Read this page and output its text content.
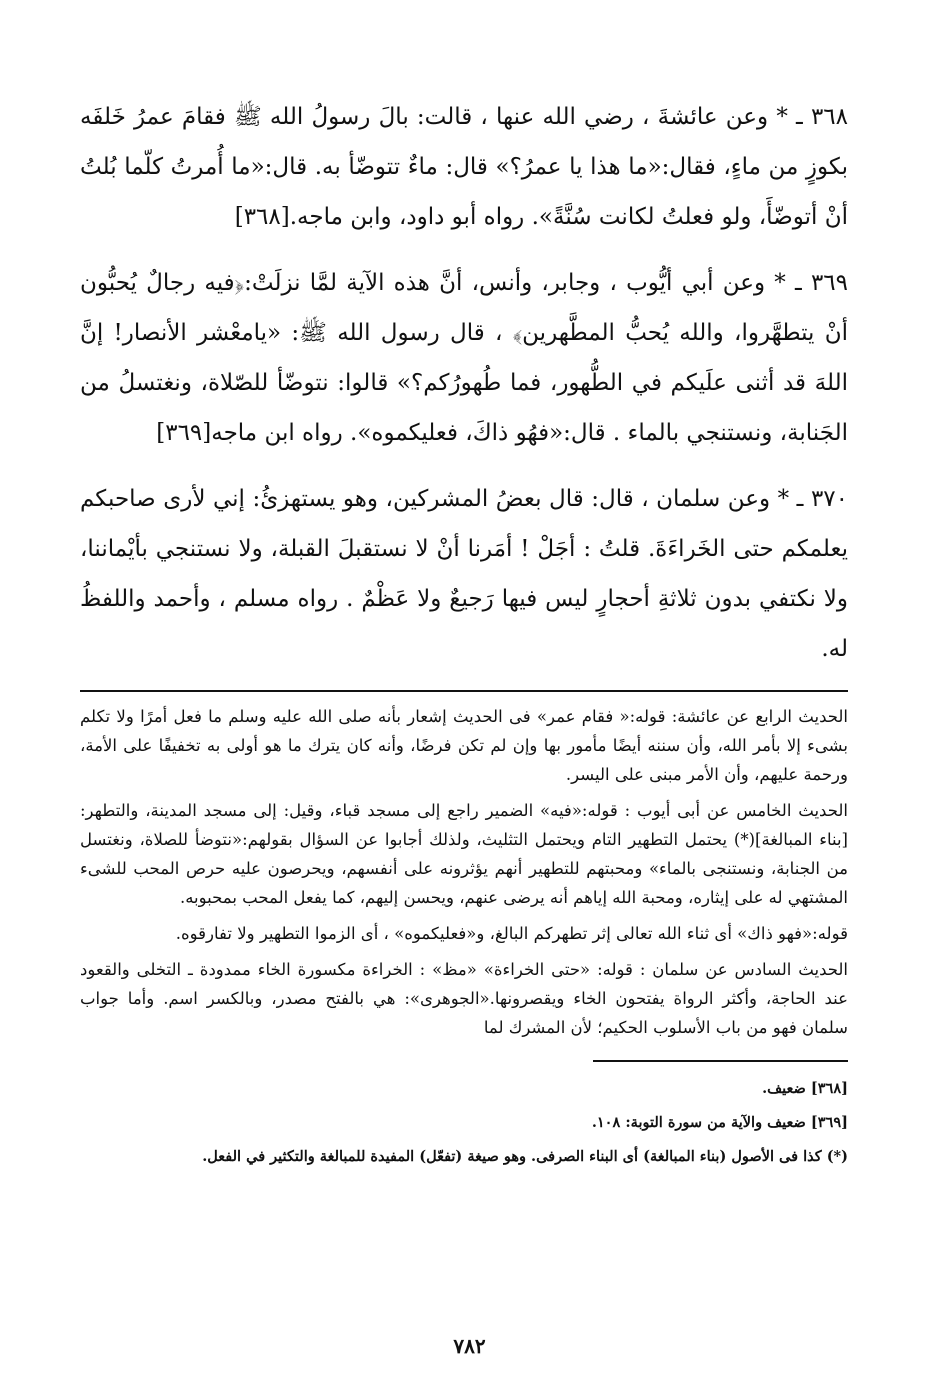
٣٦٨ ـ * وعن عائشةَ ، رضي الله عنها ، قالت: بالَ رسولُ الله ﷺ فقامَ عمرُ خَلفَه بكوزٍ من ماءٍ، فقال:«ما هذا يا عمرُ؟» قال: ماءٌ تتوضّأ به. قال:«ما أُمرتُ كلّما بُلتُ أنْ أتوضّأَ، ولو فعلتُ لكانت سُنَّةً». رواه أبو داود، وابن ماجه.[٣٦٨]

٣٦٩ ـ * وعن أبي أيُّوب ، وجابر، وأنس، أنَّ هذه الآية لمَّا نزلَتْ:﴿فيه رجالٌ يُحبُّون أنْ يتطهَّروا، والله يُحبُّ المطَّهرين﴾ ، قال رسول الله ﷺ: «يامعْشر الأنصار! إنَّ اللهَ قد أثنى علَيكم في الطُّهور، فما طُهورُكم؟» قالوا: نتوضّأ للصّلاة، ونغتسلُ من الجَنابة، ونستنجي بالماء . قال:«فهُو ذاكَ، فعليكموه». رواه ابن ماجه[٣٦٩]

٣٧٠ ـ * وعن سلمان ، قال: قال بعضُ المشركين، وهو يستهزئُ: إني لأرى صاحبكم يعلمكم حتى الخَراءَةَ. قلتُ : أجَلْ ! أمَرنا أنْ لا نستقبلَ القبلة، ولا نستنجي بأيْماننا، ولا نكتفي بدون ثلاثةِ أحجارٍ ليس فيها رَجيعٌ ولا عَظْمٌ . رواه مسلم ، وأحمد واللفظُ له.

الحديث الرابع عن عائشة: قوله:« فقام عمر» فى الحديث إشعار بأنه صلى الله عليه وسلم ما فعل أمرًا ولا تكلم بشىء إلا بأمر الله، وأن سننه أيضًا مأمور بها وإن لم تكن فرضًا، وأنه كان يترك ما هو أولى به تخفيفًا على الأمة، ورحمة عليهم، وأن الأمر مبنى على اليسر.

الحديث الخامس عن أبى أيوب : قوله:«فيه» الضمير راجع إلى مسجد قباء، وقيل: إلى مسجد المدينة، والتطهر: [بناء المبالغة](*) يحتمل التطهير التام ويحتمل التثليث، ولذلك أجابوا عن السؤال بقولهم:«نتوضأ للصلاة، ونغتسل من الجنابة، ونستنجى بالماء» ومحبتهم للتطهير أنهم يؤثرونه على أنفسهم، ويحرصون عليه حرص المحب للشىء المشتهي له على إيثاره، ومحبة الله إياهم أنه يرضى عنهم، ويحسن إليهم، كما يفعل المحب بمحبوبه.

قوله:«فهو ذاك» أى ثناء الله تعالى إثر تطهركم البالغ، و«فعليكموه» ، أى الزموا التطهير ولا تفارقوه.

الحديث السادس عن سلمان : قوله: «حتى الخراءة» «مظ» : الخراءة مكسورة الخاء ممدودة ـ التخلى والقعود عند الحاجة، وأكثر الرواة يفتحون الخاء ويقصرونها.«الجوهرى»: هي بالفتح مصدر، وبالكسر اسم. وأما جواب سلمان فهو من باب الأسلوب الحكيم؛ لأن المشرك لما

[٣٦٨] ضعيف.

[٣٦٩] ضعيف والآية من سورة التوبة: ١٠٨.

(*) كذا فى الأصول (بناء المبالغة) أى البناء الصرفى. وهو صيغة (تفعّل) المفيدة للمبالغة والتكثير في الفعل.

٧٨٢
